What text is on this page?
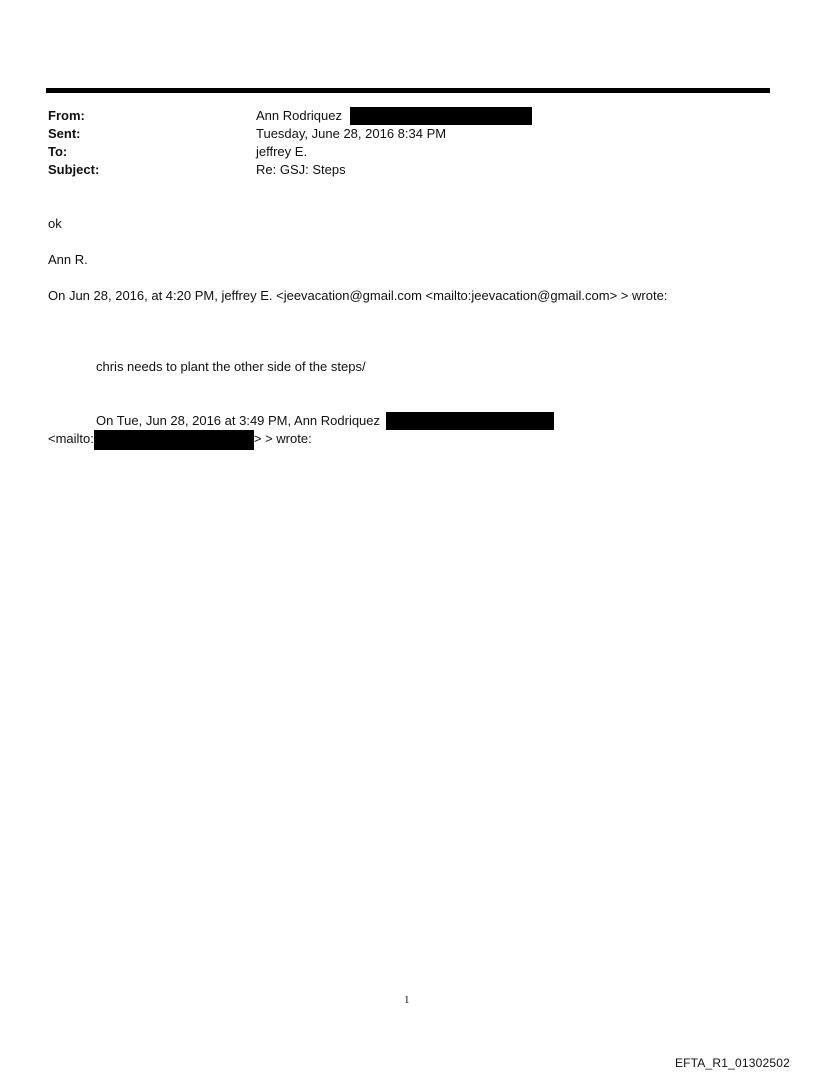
From:	Ann Rodriquez
Sent:	Tuesday, June 28, 2016 8:34 PM
To:	jeffrey E.
Subject:	Re: GSJ: Steps
ok
Ann R.
On Jun 28, 2016, at 4:20 PM, jeffrey E. <jeevacation@gmail.com <mailto:jeevacation@gmail.com> > wrote:
chris needs to plant the other side of the steps/
On Tue, Jun 28, 2016 at 3:49 PM, Ann Rodriquez
<mailto:	> > wrote:
1
EFTA_R1_01302502
